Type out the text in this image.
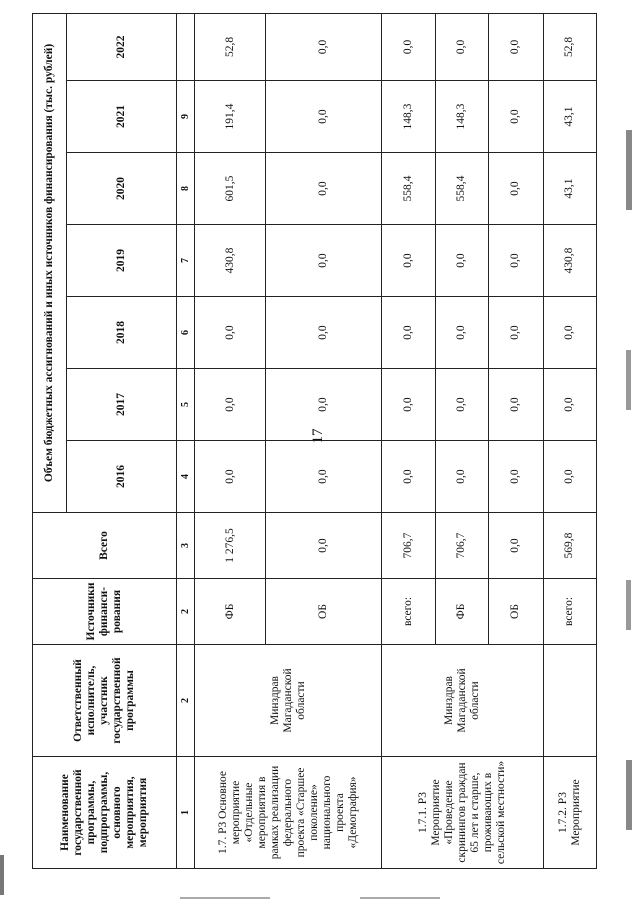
17
Наименование государственной программы, подпрограммы, основного мероприятия, мероприятия	Ответственный исполнитель, участник государственной программы	Источники финанси-рования	Всего	Объем бюджетных ассигнований и иных источников финансирования (тыс. рублей)						
				2016	2017	2018	2019	2020	2021	2022
1	2	2	3	4	5	6	7	8	9	
1.7. Р3 Основное мероприятие «Отдельные мероприятия в рамках реализации федерального проекта «Старшее поколение» национального проекта «Демография»	Минздрав Магаданской области	ФБ	1 276,5	0,0	0,0	0,0	430,8	601,5	191,4	52,8
		ОБ	0,0	0,0	0,0	0,0	0,0	0,0	0,0	0,0
1.7.1. Р3 Мероприятие «Проведение скринингов граждан 65 лет и старше, проживающих в сельской местности»	Минздрав Магаданской области	всего:	706,7	0,0	0,0	0,0	0,0	558,4	148,3	0,0
		ФБ	706,7	0,0	0,0	0,0	0,0	558,4	148,3	0,0
		ОБ	0,0	0,0	0,0	0,0	0,0	0,0	0,0	0,0
1.7.2. Р3 Мероприятие		всего:	569,8	0,0	0,0	0,0	430,8	43,1	43,1	52,8
